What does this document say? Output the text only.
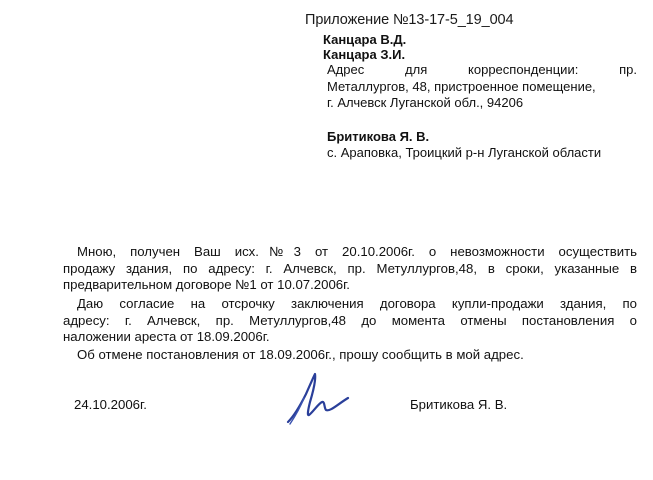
Приложение №13-17-5_19_004
Канцара В.Д.
Канцара З.И.
Адрес для корреспонденции: пр.
Металлургов, 48, пристроенное помещение,
г. Алчевск Луганской обл., 94206
Бритикова Я. В.
с. Араповка, Троицкий р-н Луганской области
Мною, получен Ваш исх.№3 от 20.10.2006г. о невозможности осуществить
продажу здания, по адресу: г. Алчевск, пр. Метуллургов,48, в сроки, указанные в
предварительном договоре №1 от 10.07.2006г.
Даю согласие на отсрочку заключения договора купли-продажи здания, по
адресу: г. Алчевск, пр. Метуллургов,48 до момента отмены постановления о
наложении ареста от 18.09.2006г.
Об отмене постановления от 18.09.2006г., прошу сообщить в мой адрес.
24.10.2006г.	Бритикова Я. В.
